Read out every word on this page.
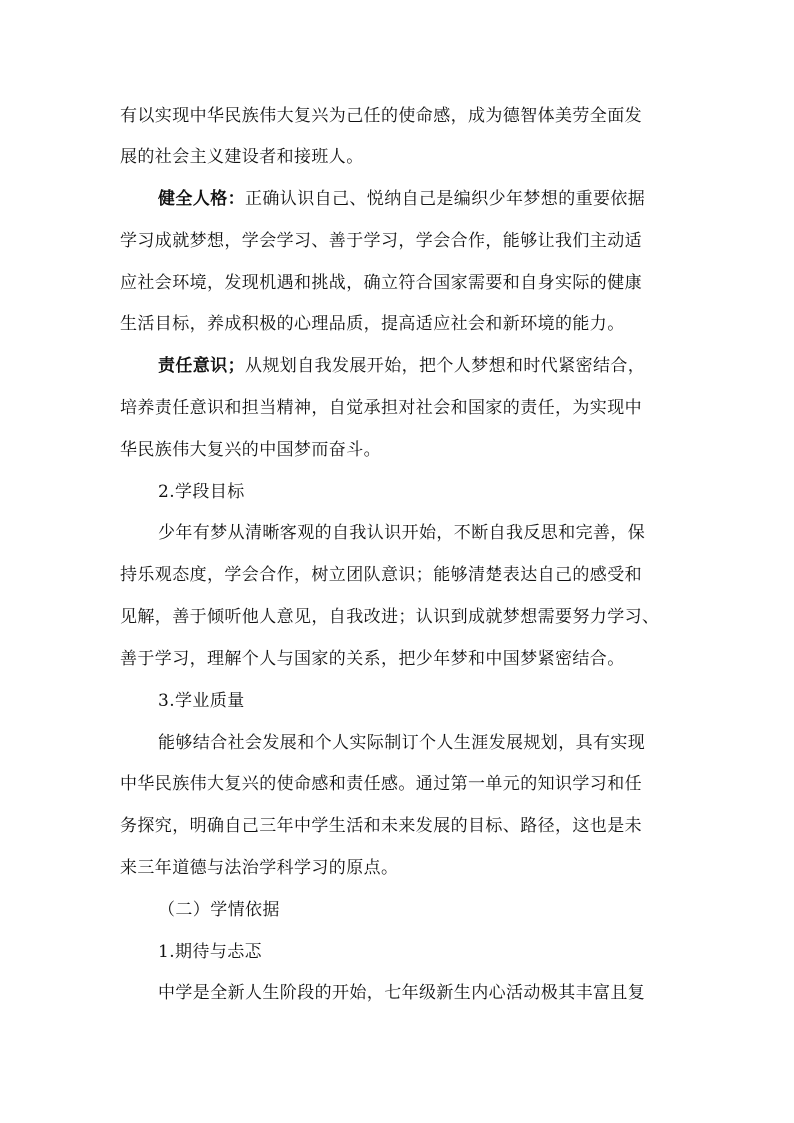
有以实现中华民族伟大复兴为己任的使命感，成为德智体美劳全面发
展的社会主义建设者和接班人。
健全人格：正确认识自己、悦纳自己是编织少年梦想的重要依据
学习成就梦想，学会学习、善于学习，学会合作，能够让我们主动适
应社会环境，发现机遇和挑战，确立符合国家需要和自身实际的健康
生活目标，养成积极的心理品质，提高适应社会和新环境的能力。
责任意识；从规划自我发展开始，把个人梦想和时代紧密结合，
培养责任意识和担当精神，自觉承担对社会和国家的责任，为实现中
华民族伟大复兴的中国梦而奋斗。
2.学段目标
少年有梦从清晰客观的自我认识开始，不断自我反思和完善，保
持乐观态度，学会合作，树立团队意识；能够清楚表达自己的感受和
见解，善于倾听他人意见，自我改进；认识到成就梦想需要努力学习、
善于学习，理解个人与国家的关系，把少年梦和中国梦紧密结合。
3.学业质量
能够结合社会发展和个人实际制订个人生涯发展规划，具有实现
中华民族伟大复兴的使命感和责任感。通过第一单元的知识学习和任
务探究，明确自己三年中学生活和未来发展的目标、路径，这也是未
来三年道德与法治学科学习的原点。
（二）学情依据
1.期待与忐忑
中学是全新人生阶段的开始，七年级新生内心活动极其丰富且复
